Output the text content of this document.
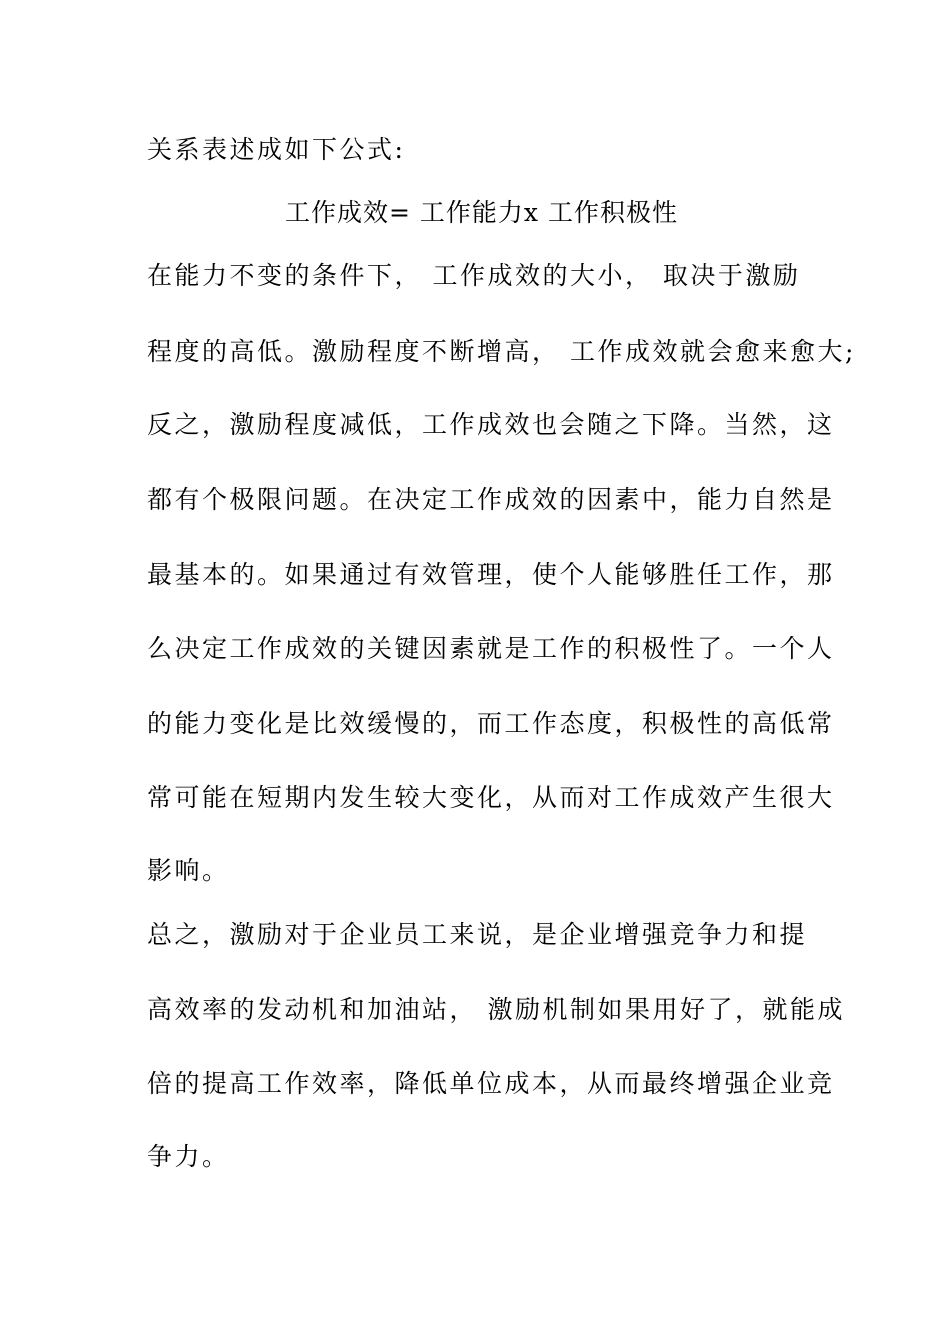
关系表述成如下公式:
工作成效= 工作能力x 工作积极性
在能力不变的条件下， 工作成效的大小， 取决于激励
程度的高低。激励程度不断增高， 工作成效就会愈来愈大;
反之，激励程度减低，工作成效也会随之下降。当然，这
都有个极限问题。在决定工作成效的因素中，能力自然是
最基本的。如果通过有效管理，使个人能够胜任工作，那
么决定工作成效的关键因素就是工作的积极性了。一个人
的能力变化是比效缓慢的，而工作态度，积极性的高低常
常可能在短期内发生较大变化，从而对工作成效产生很大
影响。
总之，激励对于企业员工来说，是企业增强竞争力和提
高效率的发动机和加油站， 激励机制如果用好了，就能成
倍的提高工作效率，降低单位成本，从而最终增强企业竞
争力。
